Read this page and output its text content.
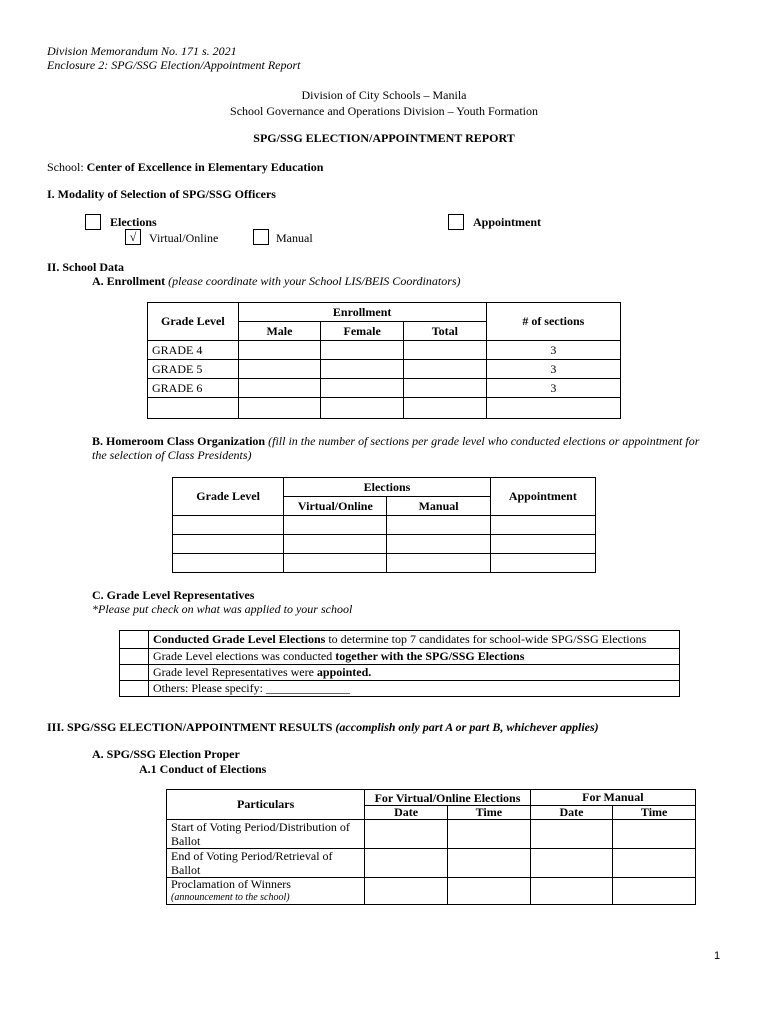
Division Memorandum No. 171 s. 2021
Enclosure 2: SPG/SSG Election/Appointment Report
Division of City Schools – Manila
School Governance and Operations Division – Youth Formation
SPG/SSG ELECTION/APPOINTMENT REPORT
School: Center of Excellence in Elementary Education
I. Modality of Selection of SPG/SSG Officers
Elections	Appointment
√	Virtual/Online	Manual
II. School Data
A. Enrollment (please coordinate with your School LIS/BEIS Coordinators)
Grade Level	Enrollment			# of sections
	Male	Female	Total	
GRADE 4				3
GRADE 5				3
GRADE 6				3

B. Homeroom Class Organization (fill in the number of sections per grade level who conducted elections or appointment for the selection of Class Presidents)
Grade Level	Elections		Appointment
	Virtual/Online	Manual	

C. Grade Level Representatives
*Please put check on what was applied to your school
	Conducted Grade Level Elections to determine top 7 candidates for school-wide SPG/SSG Elections
	Grade Level elections was conducted together with the SPG/SSG Elections
	Grade level Representatives were appointed.
	Others: Please specify: ______________
III. SPG/SSG ELECTION/APPOINTMENT RESULTS (accomplish only part A or part B, whichever applies)
A. SPG/SSG Election Proper
A.1 Conduct of Elections
Particulars	For Virtual/Online Elections		For Manual	
	Date	Time	Date	Time
Start of Voting Period/Distribution of Ballot				
End of Voting Period/Retrieval of Ballot				

Proclamation of Winners
(announcement to the school)				

1
